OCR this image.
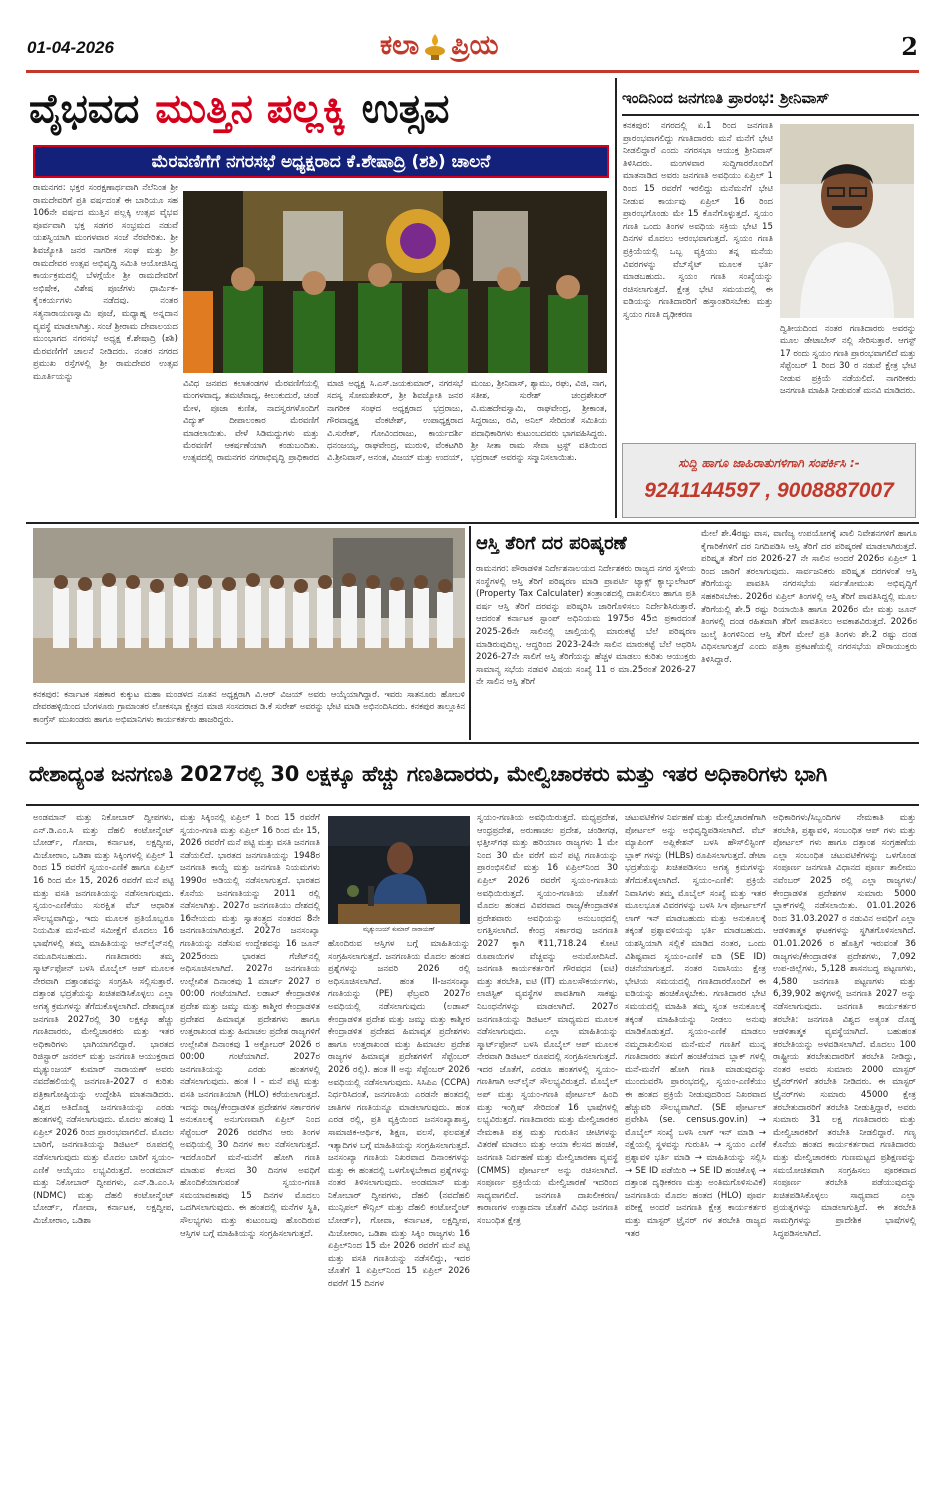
01-04-2026	ಕಲಾ ಪ್ರಿಯ	2
ವೈಭವದ ಮುತ್ತಿನ ಪಲ್ಲಕ್ಕಿ ಉತ್ಸವ
ಮೆರವಣಿಗೆಗೆ ನಗರಸಭೆ ಅಧ್ಯಕ್ಷರಾದ ಕೆ.ಶೇಷಾದ್ರಿ (ಶಶಿ) ಚಾಲನೆ
ರಾಮನಗರ: ಭಕ್ತರ ಸಂರಕ್ಷಣಾರ್ಥವಾಗಿ ನೆಲೆನಿಂತ ಶ್ರೀ ರಾಮದೇವರಿಗೆ ಪ್ರತಿ ವರ್ಷದಂತೆ ಈ ಬಾರಿಯೂ ಸಹ 106ನೇ ವರ್ಷದ ಮುತ್ತಿನ ಪಲ್ಲಕ್ಕಿ ಉತ್ಸವ ವೈಭವ ಪೂರ್ವವಾಗಿ ಭಕ್ತ ಸಡಗರ ಸಂಭ್ರಮದ ನಡುವೆ ಯಶಸ್ವಿಯಾಗಿ ಮಂಗಳವಾರ ಸಂಜೆ ನೆರವೇರಿತು. ಶ್ರೀ ಶಿವಜ್ಯೋತಿ ಜನರ ನಾಗರೀಕ ಸಂಘ ಮತ್ತು ಶ್ರೀ ರಾಮದೇವರ ಉತ್ಸವ ಅಭಿವೃದ್ಧಿ ಸಮಿತಿ ಆಯೋಜಿಸಿದ್ದ ಕಾರ್ಯಕ್ರಮದಲ್ಲಿ ಬೆಳಗ್ಗೆಯೇ ಶ್ರೀ ರಾಮದೇವರಿಗೆ ಅಭಿಷೇಕ, ವಿಶೇಷ ಪೂಜೆಗಳು ಧಾರ್ಮಿಕ-ಕೈಂಕರ್ಯಗಳು ನಡೆದವು. ನಂತರ ಸತ್ಯನಾರಾಯಣಸ್ವಾಮಿ ಪೂಜೆ, ಮಧ್ಯಾಹ್ನ ಅನ್ನದಾನ ವ್ಯವಸ್ಥೆ ಮಾಡಲಾಗಿತ್ತು. ಸಂಜೆ ಶ್ರೀರಾಮ ದೇವಾಲಯದ ಮುಂಭಾಗದ ನಗರಸಭೆ ಅಧ್ಯಕ್ಷ ಕೆ.ಶೇಷಾದ್ರಿ (ಶಶಿ) ಮೆರವಣಿಗೆಗೆ ಚಾಲನೆ ನೀಡಿದರು. ನಂತರ ನಗರದ ಪ್ರಮುಖ ರಸ್ತೆಗಳಲ್ಲಿ ಶ್ರೀ ರಾಮದೇವರ ಉತ್ಸವ ಮೂರ್ತಿಯನ್ನು
ವಿವಿಧ ಜನಪದ ಕಲಾತಂಡಗಳ ಮೆರವಣಿಗೆಯಲ್ಲಿ ಮಂಗಳವಾದ್ಯ, ತಮಟೆವಾದ್ಯ, ಕೀಲುಕುದುರೆ, ಚಂಡೆ ಮೇಳ, ಪೂಜಾ ಕುಣಿತ, ನಾದಸ್ವರಗಳೊಂದಿಗೆ ವಿದ್ಯುತ್ ದೀಪಾಲಂಕಾರ ಮೆರವಣಿಗೆ ಮಾಡಲಾಯಿತು. ವೇಳೆ ಸಿಡಿಮದ್ದುಗಳು ಮತ್ತು ಮೆರವಣಿಗೆ ಆಕರ್ಷಣೆಯಾಗಿ ಕಂಡುಬಂದಿತು. ಉತ್ಸವದಲ್ಲಿ ರಾಮನಗರ ನಗರಾಭಿವೃದ್ಧಿ ಪ್ರಾಧಿಕಾರದ ಮಾಜಿ ಅಧ್ಯಕ್ಷ ಸಿ.ಎಸ್.ಜಯಕುಮಾರ್, ನಗರಸಭೆ ಸದಸ್ಯ ಸೋಮಶೇಖರ್, ಶ್ರೀ ಶಿವಜ್ಯೋತಿ ಜನರ ನಾಗರೀಕ ಸಂಘದ ಅಧ್ಯಕ್ಷರಾದ ಭದ್ರರಾಜು, ಗೌರವಾಧ್ಯಕ್ಷ ವೆಂಕಟೇಶ್, ಉಪಾಧ್ಯಕ್ಷರಾದ ವಿ.ಸುರೇಶ್, ಗೋವಿಂದರಾಜು, ಕಾರ್ಯದರ್ಶಿ ಧನಂಜಯ್ಯ, ರಾಘವೇಂದ್ರ, ಮುರುಳಿ, ವೆಂಕಟಗಿರಿ ವಿ.ಶ್ರೀನಿವಾಸ್, ಅನಂತ, ವಿಜಯ್ ಮತ್ತು ಉದಯ್, ಮಂಜು, ಶ್ರೀನಿವಾಸ್, ಶ್ಯಾಮು, ರಘು, ವಿಜಿ, ನಾಗ, ಸತೀಶ, ಸುರೇಶ್ ಚಂದ್ರಶೇಖರ್ ವಿ.ಮಹದೇವಸ್ವಾಮಿ, ರಾಘವೇಂದ್ರ, ಶ್ರೀಕಾಂತ, ಸಿದ್ದರಾಜು, ರವಿ, ಅನಿಲ್ ಸೇರಿದಂತೆ ಸಮಿತಿಯ ಪದಾಧಿಕಾರಿಗಳು ಕುಟುಂಬದವರು ಭಾಗವಹಿಸಿದ್ದರು. ಶ್ರೀ ಸೀತಾ ರಾಮ ಸೇವಾ ಟ್ರಸ್ಟ್ ವತಿಯಿಂದ ಭದ್ರರಾಜ್ ಅವರನ್ನು ಸನ್ಮಾನಿಸಲಾಯಿತು.
ಇಂದಿನಿಂದ ಜನಗಣತಿ ಪ್ರಾರಂಭ: ಶ್ರೀನಿವಾಸ್
ಕನಕಪುರ: ನಗರದಲ್ಲಿ ಏ.1 ರಿಂದ ಜನಗಣತಿ ಪ್ರಾರಂಭವಾಗಲಿದ್ದು ಗಣತಿದಾರರು ಮನೆ ಮನೆಗೆ ಭೇಟಿ ನೀಡಲಿದ್ದಾರೆ ಎಂದು ನಗರಸಭಾ ಆಯುಕ್ತ ಶ್ರೀನಿವಾಸ್ ತಿಳಿಸಿದರು. ಮಂಗಳವಾರ ಸುದ್ದಿಗಾರರೊಂದಿಗೆ ಮಾತನಾಡಿದ ಅವರು ಜನಗಣತಿ ಅವಧಿಯು ಏಪ್ರಿಲ್ 1 ರಿಂದ 15 ರವರೆಗೆ ಇರಲಿದ್ದು ಮನೆಮನೆಗೆ ಭೇಟಿ ನೀಡುವ ಕಾರ್ಯವು ಏಪ್ರಿಲ್ 16 ರಿಂದ ಪ್ರಾರಂಭಗೊಂಡು ಮೇ 15 ಕೊನೆಗೊಳ್ಳುತ್ತದೆ. ಸ್ವಯಂ ಗಣತಿ ಒಂದು ತಿಂಗಳ ಅವಧಿಯ ಸಕ್ರಿಯ ಭೇಟಿ 15 ದಿನಗಳ ಮೊದಲು ಆರಂಭವಾಗುತ್ತದೆ. ಸ್ವಯಂ ಗಣತಿ ಪ್ರಕ್ರಿಯೆಯಲ್ಲಿ ಒಬ್ಬ ವ್ಯಕ್ತಿಯು ತನ್ನ ಮನೆಯ ವಿವರಗಳನ್ನು ವೆಬ್‌ಸೈಟ್ ಮೂಲಕ ಭರ್ತಿ ಮಾಡಬಹುದು. ಸ್ವಯಂ ಗಣತಿ ಸಂಖ್ಯೆಯನ್ನು ರಚಿಸಲಾಗುತ್ತದೆ. ಕ್ಷೇತ್ರ ಭೇಟಿ ಸಮಯದಲ್ಲಿ ಈ ಐಡಿಯನ್ನು ಗಣತಿದಾರರಿಗೆ ಹಸ್ತಾಂತರಿಸಬೇಕು ಮತ್ತು ಸ್ವಯಂ ಗಣತಿ ದೃಢೀಕರಣ
ದ್ವಿತೀಯದಿಂದ ನಂತರ ಗಣತಿದಾರರು ಅವರನ್ನು ಮೂಲ ಡೇಟಾಬೇಸ್ ನಲ್ಲಿ ಸೇರಿಸುತ್ತಾರೆ. ಆಗಸ್ಟ್ 17 ರಂದು ಸ್ವಯಂ ಗಣತಿ ಪ್ರಾರಂಭವಾಗಲಿದೆ ಮತ್ತು ಸೆಪ್ಟೆಂಬರ್ 1 ರಿಂದ 30 ರ ನಡುವೆ ಕ್ಷೇತ್ರ ಭೇಟಿ ನೀಡುವ ಪ್ರಕ್ರಿಯೆ ನಡೆಯಲಿದೆ. ನಾಗರೀಕರು ಜನಗಣತಿ ಮಾಹಿತಿ ನೀಡುವಂತೆ ಮನವಿ ಮಾಡಿದರು.
ಸುದ್ದಿ ಹಾಗೂ ಜಾಹಿರಾತುಗಳಿಗಾಗಿ ಸಂಪರ್ಕಿಸಿ :-
9241144597 , 9008887007
ಕನಕಪುರ: ಕರ್ನಾಟಕ ಸಹಕಾರ ಕುಕ್ಕುಟ ಮಹಾ ಮಂಡಳದ ನೂತನ ಅಧ್ಯಕ್ಷರಾಗಿ ವಿ.ಆರ್ ವಿಜಯ್ ಅವರು ಆಯ್ಕೆಯಾಗಿದ್ದಾರೆ. ಇವರು ಸಾತನೂರು ಹೋಬಳಿ ದೇವರಹಳ್ಳಿಯಿಂದ ಬೆಂಗಳೂರು ಗ್ರಾಮಾಂತರ ಲೋಕಸಭಾ ಕ್ಷೇತ್ರದ ಮಾಜಿ ಸಂಸದರಾದ ಡಿ.ಕೆ ಸುರೇಶ್ ಅವರನ್ನು ಭೇಟಿ ಮಾಡಿ ಅಭಿನಂದಿಸಿದರು. ಕನಕಪುರ ತಾಲ್ಲೂಕಿನ ಕಾಂಗ್ರೆಸ್ ಮುಖಂಡರು ಹಾಗೂ ಅಭಿಮಾನಿಗಳು ಕಾರ್ಯಕರ್ತರು ಹಾಜರಿದ್ದರು.
ಆಸ್ತಿ ತೆರಿಗೆ ದರ ಪರಿಷ್ಕರಣೆ
ರಾಮನಗರ: ಪೌರಾಡಳಿತ ನಿರ್ದೇಶನಾಲಯದ ನಿರ್ದೇಶಕರು ರಾಜ್ಯದ ನಗರ ಸ್ಥಳೀಯ ಸಂಸ್ಥೆಗಳಲ್ಲಿ ಆಸ್ತಿ ತೆರಿಗೆ ಪರಿಷ್ಕರಣ ಮಾಡಿ ಪ್ರಾಪರ್ಟಿ ಟ್ಯಾಕ್ಸ್ ಕ್ಯಾಲ್ಕುಲೇಟರ್ (Property Tax Calculater) ತಂತ್ರಾಂಶದಲ್ಲಿ ದಾಖಲಿಸಲು ಹಾಗೂ ಪ್ರತಿ ವರ್ಷ ಆಸ್ತಿ ತೆರಿಗೆ ದರವನ್ನು ಪರಿಷ್ಕರಿಸಿ ಜಾರಿಗೊಳಿಸಲು ನಿರ್ದೇಶಿಸಿರುತ್ತಾರೆ. ಆದರಂತೆ ಕರ್ನಾಟಕ ಸ್ಟಾಂಪ್ ಅಧಿನಿಯಮ 1975ರ 45ಬಿ ಪ್ರಕಾರದಂತೆ 2025-26ನೇ ಸಾಲಿನಲ್ಲಿ ಚಾಲ್ತಿಯಲ್ಲಿ ಮಾರುಕಟ್ಟೆ ಬೆಲೆ ಪರಿಷ್ಕರಣ ಮಾಡಿರುವುದಿಲ್ಲ. ಆದ್ದರಿಂದ 2023-24ನೇ ಸಾಲಿನ ಮಾರುಕಟ್ಟೆ ಬೆಲೆ ಆಧರಿಸಿ 2026-27ನೇ ಸಾಲಿಗೆ ಆಸ್ತಿ ತೆರಿಗೆಯನ್ನು ಹೆಚ್ಚಳ ಮಾಡಲು ಕುರಿತು ಆಯುಕ್ತರು ಸಾಮಾನ್ಯ ಸಭೆಯ ನಡವಳಿ ವಿಷಯ ಸಂಖ್ಯೆ 11 ರ ಮಾ.25ರಂತೆ 2026-27 ನೇ ಸಾಲಿನ ಆಸ್ತಿ ತೆರಿಗೆ
ಮೇಲೆ ಶೇ.4ರಷ್ಟು ವಾಸ, ವಾಣಿಜ್ಯ ಉಪಯೋಗಕ್ಕೆ ಖಾಲಿ ನಿವೇಶನಗಳಿಗೆ ಹಾಗೂ ಕೈಗಾರಿಕೆಗಳಿಗೆ ದರ ನಿಗದಿಪಡಿಸಿ ಆಸ್ತಿ ತೆರಿಗೆ ದರ ಪರಿಷ್ಕರಣೆ ಮಾಡಲಾಗಿರುತ್ತದೆ. ಪರಿಷ್ಕೃತ ತೆರಿಗೆ ದರ 2026-27 ನೇ ಸಾಲಿನ ಅಂದರೆ 2026ರ ಏಪ್ರಿಲ್ 1 ರಿಂದ ಜಾರಿಗೆ ತರಲಾಗುವುದು. ಸಾರ್ವಜನಿಕರು ಪರಿಷ್ಕೃತ ದರಗಳಂತೆ ಆಸ್ತಿ ತೆರಿಗೆಯನ್ನು ಪಾವತಿಸಿ ನಗರಸಭೆಯ ಸರ್ವತೋಮುಖ ಅಭಿವೃದ್ಧಿಗೆ ಸಹಕರಿಸಬೇಕು. 2026ರ ಏಪ್ರಿಲ್ ತಿಂಗಳಲ್ಲಿ ಆಸ್ತಿ ತೆರಿಗೆ ಪಾವತಿಸಿದ್ದಲ್ಲಿ ಮೂಲ ತೆರಿಗೆಯಲ್ಲಿ ಶೇ.5 ರಷ್ಟು ರಿಯಾಯಿತಿ ಹಾಗೂ 2026ರ ಮೇ ಮತ್ತು ಜೂನ್ ತಿಂಗಳಲ್ಲಿ ದಂಡ ರಹಿತವಾಗಿ ತೆರಿಗೆ ಪಾವತಿಸಲು ಅವಕಾಶವಿರುತ್ತದೆ. 2026ರ ಜುಲೈ ತಿಂಗಳಿನಿಂದ ಆಸ್ತಿ ತೆರಿಗೆ ಮೇಲೆ ಪ್ರತಿ ತಿಂಗಳು ಶೇ.2 ರಷ್ಟು ದಂಡ ವಿಧಿಸಲಾಗುತ್ತದೆ ಎಂದು ಪತ್ರಿಕಾ ಪ್ರಕಟಣೆಯಲ್ಲಿ ನಗರಸಭೆಯ ಪೌರಾಯುಕ್ತರು ತಿಳಿಸಿದ್ದಾರೆ.
ದೇಶಾದ್ಯಂತ ಜನಗಣತಿ 2027ರಲ್ಲಿ 30 ಲಕ್ಷಕ್ಕೂ ಹೆಚ್ಚು ಗಣತಿದಾರರು, ಮೇಲ್ವಿಚಾರಕರು ಮತ್ತು ಇತರ ಅಧಿಕಾರಿಗಳು ಭಾಗಿ
ಅಂಡಮಾನ್ ಮತ್ತು ನಿಕೋಬಾರ್ ದ್ವೀಪಗಳು, ಎನ್.ಡಿ.ಎಂ.ಸಿ ಮತ್ತು ದೆಹಲಿ ಕಂಟೋನ್ಮೆಂಟ್ ಬೋರ್ಡ್, ಗೋವಾ, ಕರ್ನಾಟಕ, ಲಕ್ಷದ್ವೀಪ, ಮಿಜೋರಾಂ, ಒಡಿಶಾ ಮತ್ತು ಸಿಕ್ಕಿಂಗಳಲ್ಲಿ ಏಪ್ರಿಲ್ 1 ರಿಂದ 15 ರವರೆಗೆ ಸ್ವಯಂ-ಎಣಿಕೆ ಹಾಗೂ ಏಪ್ರಿಲ್ 16 ರಿಂದ ಮೇ 15, 2026 ರವರೆಗೆ ಮನೆ ಪಟ್ಟಿ ಮತ್ತು ವಸತಿ ಜನಗಣತಿಯನ್ನು ನಡೆಸಲಾಗುವುದು. ಸ್ವಯಂ-ಎಣಿಕೆಯು ಸುರಕ್ಷಿತ ವೆಬ್ ಆಧಾರಿತ ಸೌಲಭ್ಯವಾಗಿದ್ದು, ಇದು ಮೂಲಕ ಪ್ರತಿಯೊಬ್ಬರೂ ನಿಯಮಿತ ಮನೆ-ಮನೆ ಸಮೀಕ್ಷೆಗೆ ಮೊದಲು 16 ಭಾಷೆಗಳಲ್ಲಿ ತಮ್ಮ ಮಾಹಿತಿಯನ್ನು ಆನ್‌ಲೈನ್‌ನಲ್ಲಿ ನಮೂದಿಸಬಹುದು. ಗಣತಿದಾರರು ತಮ್ಮ ಸ್ಮಾರ್ಟ್‌ಫೋನ್ ಬಳಸಿ ಮೊಬೈಲ್ ಆಪ್ ಮೂಲಕ ನೇರವಾಗಿ ದತ್ತಾಂಶವನ್ನು ಸಂಗ್ರಹಿಸಿ ಸಲ್ಲಿಸುತ್ತಾರೆ. ದತ್ತಾಂಶ ಭದ್ರತೆಯನ್ನು ಖಚಿತಪಡಿಸಿಕೊಳ್ಳಲು ಎಲ್ಲಾ ಅಗತ್ಯ ಕ್ರಮಗಳನ್ನು ತೆಗೆದುಕೊಳ್ಳಲಾಗಿದೆ. ದೇಶಾದ್ಯಂತ ಜನಗಣತಿ 2027ರಲ್ಲಿ 30 ಲಕ್ಷಕ್ಕೂ ಹೆಚ್ಚು ಗಣತಿದಾರರು, ಮೇಲ್ವಿಚಾರಕರು ಮತ್ತು ಇತರ ಅಧಿಕಾರಿಗಳು ಭಾಗಿಯಾಗಲಿದ್ದಾರೆ. ಭಾರತದ ರಿಜಿಸ್ಟ್ರಾರ್ ಜನರಲ್ ಮತ್ತು ಜನಗಣತಿ ಆಯುಕ್ತರಾದ ಮೃತ್ಯುಂಜಯ್ ಕುಮಾರ್ ನಾರಾಯಣ್ ಅವರು ನವದೆಹಲಿಯಲ್ಲಿ ಜನಗಣತಿ-2027 ರ ಕುರಿತು ಪತ್ರಿಕಾಗೋಷ್ಠಿಯನ್ನು ಉದ್ದೇಶಿಸಿ ಮಾತನಾಡಿದರು. ವಿಶ್ವದ ಅತಿದೊಡ್ಡ ಜನಗಣತಿಯನ್ನು ಎರಡು ಹಂತಗಳಲ್ಲಿ ನಡೆಸಲಾಗುವುದು. ಮೊದಲ ಹಂತವು 1 ಏಪ್ರಿಲ್ 2026 ರಿಂದ ಪ್ರಾರಂಭವಾಗಲಿದೆ. ಮೊದಲ ಬಾರಿಗೆ, ಜನಗಣತಿಯನ್ನು ಡಿಜಿಟಲ್ ರೂಪದಲ್ಲಿ ನಡೆಸಲಾಗುವುದು ಮತ್ತು ಮೊದಲ ಬಾರಿಗೆ ಸ್ವಯಂ-ಎಣಿಕೆ ಆಯ್ಕೆಯು ಲಭ್ಯವಿರುತ್ತದೆ. ಅಂಡಮಾನ್ ಮತ್ತು ನಿಕೋಬಾರ್ ದ್ವೀಪಗಳು, ಎನ್.ಡಿ.ಎಂ.ಸಿ (NDMC) ಮತ್ತು ದೆಹಲಿ ಕಂಟೋನ್ಮೆಂಟ್ ಬೋರ್ಡ್, ಗೋವಾ, ಕರ್ನಾಟಕ, ಲಕ್ಷದ್ವೀಪ, ಮಿಜೋರಾಂ, ಒಡಿಶಾ
ಮತ್ತು ಸಿಕ್ಕಿಂನಲ್ಲಿ ಏಪ್ರಿಲ್ 1 ರಿಂದ 15 ರವರೆಗೆ ಸ್ವಯಂ-ಗಣತಿ ಮತ್ತು ಏಪ್ರಿಲ್ 16 ರಿಂದ ಮೇ 15, 2026 ರವರೆಗೆ ಮನೆ ಪಟ್ಟಿ ಮತ್ತು ವಸತಿ ಜನಗಣತಿ ನಡೆಯಲಿದೆ. ಭಾರತದ ಜನಗಣತಿಯನ್ನು 1948ರ ಜನಗಣತಿ ಕಾಯ್ದೆ ಮತ್ತು ಜನಗಣತಿ ನಿಯಮಗಳು 1990ರ ಅಡಿಯಲ್ಲಿ ನಡೆಸಲಾಗುತ್ತದೆ. ಭಾರತದ ಕೊನೆಯ ಜನಗಣತಿಯನ್ನು 2011 ರಲ್ಲಿ ನಡೆಸಲಾಗಿತ್ತು. 2027ರ ಜನಗಣತಿಯು ದೇಶದಲ್ಲಿ 16ನೇಯದು ಮತ್ತು ಸ್ವಾತಂತ್ರ್ಯದ ನಂತರದ 8ನೇ ಜನಗಣತಿಯಾಗಿರುತ್ತದೆ. 2027ರ ಜನಸಂಖ್ಯಾ ಗಣತಿಯನ್ನು ನಡೆಸುವ ಉದ್ದೇಶವನ್ನು 16 ಜೂನ್ 2025ರಂದು ಭಾರತದ ಗೆಜೆಟ್‌ನಲ್ಲಿ ಅಧಿಸೂಚಿಸಲಾಗಿದೆ. 2027ರ ಜನಗಣತಿಯ ಉಲ್ಲೇಖಿತ ದಿನಾಂಕವು 1 ಮಾರ್ಚ್ 2027 ರ 00:00 ಗಂಟೆಯಾಗಿದೆ. ಲಡಾಖ್ ಕೇಂದ್ರಾಡಳಿತ ಪ್ರದೇಶ ಮತ್ತು ಜಮ್ಮು ಮತ್ತು ಕಾಶ್ಮೀರ ಕೇಂದ್ರಾಡಳಿತ ಪ್ರದೇಶದ ಹಿಮಾವೃತ ಪ್ರದೇಶಗಳು ಹಾಗೂ ಉತ್ತರಾಖಂಡ ಮತ್ತು ಹಿಮಾಚಲ ಪ್ರದೇಶ ರಾಜ್ಯಗಳಿಗೆ ಉಲ್ಲೇಖಿತ ದಿನಾಂಕವು 1 ಅಕ್ಟೋಬರ್ 2026 ರ 00:00 ಗಂಟೆಯಾಗಿದೆ. 2027ರ ಜನಗಣತಿಯನ್ನು ಎರಡು ಹಂತಗಳಲ್ಲಿ ನಡೆಸಲಾಗುವುದು. ಹಂತ I - ಮನೆ ಪಟ್ಟಿ ಮತ್ತು ವಸತಿ ಜನಗಣತಿಯಾಗಿ (HLO) ಕರೆಯಲಾಗುತ್ತದೆ. ಇದನ್ನು ರಾಜ್ಯ/ಕೇಂದ್ರಾಡಳಿತ ಪ್ರದೇಶಗಳ ಸರ್ಕಾರಗಳ ಅನುಕೂಲಕ್ಕೆ ಅನುಗುಣವಾಗಿ ಏಪ್ರಿಲ್ ನಿಂದ ಸೆಪ್ಟೆಂಬರ್ 2026 ರವರೆಗಿನ ಆರು ತಿಂಗಳ ಅವಧಿಯಲ್ಲಿ 30 ದಿನಗಳ ಕಾಲ ನಡೆಸಲಾಗುತ್ತದೆ. ಇದರೊಂದಿಗೆ ಮನೆ-ಮನೆಗೆ ಹೋಗಿ ಗಣತಿ ಮಾಡುವ ಕೆಲಸದ 30 ದಿನಗಳ ಅವಧಿಗೆ ಹೊಂದಿಕೆಯಾಗುವಂತೆ ಸ್ವಯಂ-ಗಣತಿ ಸಮಯಾವಕಾಶವು 15 ದಿನಗಳ ಮೊದಲು ಒದಗಿಸಲಾಗುವುದು. ಈ ಹಂತದಲ್ಲಿ ಮನೆಗಳ ಸ್ಥಿತಿ, ಸೌಲಭ್ಯಗಳು ಮತ್ತು ಕುಟುಂಬವು ಹೊಂದಿರುವ ಆಸ್ತಿಗಳ ಬಗ್ಗೆ ಮಾಹಿತಿಯನ್ನು ಸಂಗ್ರಹಿಸಲಾಗುತ್ತದೆ.
ಮೃತ್ಯುಂಜಯ್ ಕುಮಾರ್ ನಾರಾಯಣ್
ಹೊಂದಿರುವ ಆಸ್ತಿಗಳ ಬಗ್ಗೆ ಮಾಹಿತಿಯನ್ನು ಸಂಗ್ರಹಿಸಲಾಗುತ್ತದೆ. ಜನಗಣತಿಯ ಮೊದಲ ಹಂತದ ಪ್ರಶ್ನೆಗಳನ್ನು ಜನವರಿ 2026 ರಲ್ಲಿ ಅಧಿಸೂಚಿಸಲಾಗಿದೆ. ಹಂತ II-ಜನಸಂಖ್ಯಾ ಗಣತಿಯನ್ನು (PE) ಫೆಬ್ರವರಿ 2027ರ ಅವಧಿಯಲ್ಲಿ ನಡೆಸಲಾಗುವುದು (ಲಡಾಖ್ ಕೇಂದ್ರಾಡಳಿತ ಪ್ರದೇಶ ಮತ್ತು ಜಮ್ಮು ಮತ್ತು ಕಾಶ್ಮೀರ ಕೇಂದ್ರಾಡಳಿತ ಪ್ರದೇಶದ ಹಿಮಾವೃತ ಪ್ರದೇಶಗಳು ಹಾಗೂ ಉತ್ತರಾಖಂಡ ಮತ್ತು ಹಿಮಾಚಲ ಪ್ರದೇಶ ರಾಜ್ಯಗಳ ಹಿಮಾವೃತ ಪ್ರದೇಶಗಳಿಗೆ ಸೆಪ್ಟೆಂಬರ್ 2026 ರಲ್ಲಿ). ಹಂತ II ಅನ್ನು ಸೆಪ್ಟೆಂಬರ್ 2026 ಅವಧಿಯಲ್ಲಿ ನಡೆಸಲಾಗುವುದು. ಸಿಸಿಪಿಎ (CCPA) ನಿರ್ಧರಿಸಿದಂತೆ, ಜನಗಣತಿಯ ಎರಡನೇ ಹಂತದಲ್ಲಿ ಜಾತಿಗಳ ಗಣತಿಯನ್ನೂ ಮಾಡಲಾಗುವುದು. ಹಂತ ಎರಡ ರಲ್ಲಿ, ಪ್ರತಿ ವ್ಯಕ್ತಿಯಿಂದ ಜನಸಂಖ್ಯಾಶಾಸ್ತ್ರ, ಸಾಮಾಜಿಕ-ಆರ್ಥಿಕ, ಶಿಕ್ಷಣ, ವಲಸೆ, ಫಲವತ್ತತೆ ಇತ್ಯಾದಿಗಳ ಬಗ್ಗೆ ಮಾಹಿತಿಯನ್ನು ಸಂಗ್ರಹಿಸಲಾಗುತ್ತದೆ. ಜನಸಂಖ್ಯಾ ಗಣತಿಯ ನಿಖರವಾದ ದಿನಾಂಕಗಳನ್ನು ಮತ್ತು ಈ ಹಂತದಲ್ಲಿ ಒಳಗೊಳ್ಳಬೇಕಾದ ಪ್ರಶ್ನೆಗಳನ್ನು ನಂತರ ತಿಳಿಸಲಾಗುವುದು. ಅಂಡಮಾನ್ ಮತ್ತು ನಿಕೋಬಾರ್ ದ್ವೀಪಗಳು, ದೆಹಲಿ (ನವದೆಹಲಿ ಮುನ್ಸಿಪಲ್ ಕೌನ್ಸಿಲ್ ಮತ್ತು ದೆಹಲಿ ಕಂಟೋನ್ಮೆಂಟ್ ಬೋರ್ಡ್), ಗೋವಾ, ಕರ್ನಾಟಕ, ಲಕ್ಷದ್ವೀಪ, ಮಿಜೋರಾಂ, ಒಡಿಶಾ ಮತ್ತು ಸಿಕ್ಕಿಂ ರಾಜ್ಯಗಳು 16 ಏಪ್ರಿಲ್‌ನಿಂದ 15 ಮೇ 2026 ರವರೆಗೆ ಮನೆ ಪಟ್ಟಿ ಮತ್ತು ವಸತಿ ಗಣತಿಯನ್ನು ನಡೆಸಲಿದ್ದು, ಇದರ ಜೊತೆಗೆ 1 ಏಪ್ರಿಲ್‌ನಿಂದ 15 ಏಪ್ರಿಲ್ 2026 ರವರೆಗೆ 15 ದಿನಗಳ
ಸ್ವಯಂ-ಗಣತಿಯ ಅವಧಿಯಿರುತ್ತದೆ. ಮಧ್ಯಪ್ರದೇಶ, ಆಂಧ್ರಪ್ರದೇಶ, ಅರುಣಾಚಲ ಪ್ರದೇಶ, ಚಂಡೀಗಢ, ಛತ್ತೀಸ್‌ಗಢ ಮತ್ತು ಹರಿಯಾಣ ರಾಜ್ಯಗಳು 1 ಮೇ ನಿಂದ 30 ಮೇ ವರೆಗೆ ಮನೆ ಪಟ್ಟಿ ಗಣತಿಯನ್ನು ಪ್ರಾರಂಭಿಸಲಿವೆ ಮತ್ತು 16 ಏಪ್ರಿಲ್‌ನಿಂದ 30 ಏಪ್ರಿಲ್ 2026 ರವರೆಗೆ ಸ್ವಯಂ-ಗಣತಿಯ ಅವಧಿಯಿರುತ್ತದೆ. ಸ್ವಯಂ-ಗಣತಿಯ ಜೊತೆಗೆ ಮೊದಲ ಹಂತದ ವಿವರವಾದ ರಾಜ್ಯ/ಕೇಂದ್ರಾಡಳಿತ ಪ್ರದೇಶವಾರು ಅವಧಿಯನ್ನು ಅನುಬಂಧದಲ್ಲಿ ಲಗತ್ತಿಸಲಾಗಿದೆ. ಕೇಂದ್ರ ಸರ್ಕಾರವು ಜನಗಣತಿ 2027 ಕ್ಕಾಗಿ ₹11,718.24 ಕೋಟಿ ರೂಪಾಯಿಗಳ ವೆಚ್ಚವನ್ನು ಅನುಮೋದಿಸಿದೆ. ಜನಗಣತಿ ಕಾರ್ಯಕರ್ತರಿಗೆ ಗೌರವಧನ (ಐಟಿ) ಮತ್ತು ತರಬೇತಿ, ಐಟಿ (IT) ಮೂಲಸೌಕರ್ಯಗಳು, ಲಾಜಿಸ್ಟಿಕ್ ವ್ಯವಸ್ಥೆಗಳ ಪಾವತಿಗಾಗಿ ಸಾಕಷ್ಟು ನಿಬಂಧನೆಗಳನ್ನು ಮಾಡಲಾಗಿದೆ. 2027ರ ಜನಗಣತಿಯನ್ನು ಡಿಜಿಟಲ್ ಮಾಧ್ಯಮದ ಮೂಲಕ ನಡೆಸಲಾಗುವುದು. ಎಲ್ಲಾ ಮಾಹಿತಿಯನ್ನು ಸ್ಮಾರ್ಟ್‌ಫೋನ್ ಬಳಸಿ ಮೊಬೈಲ್ ಆಪ್ ಮೂಲಕ ನೇರವಾಗಿ ಡಿಜಿಟಲ್ ರೂಪದಲ್ಲಿ ಸಂಗ್ರಹಿಸಲಾಗುತ್ತದೆ. ಇದರ ಜೊತೆಗೆ, ಎರಡೂ ಹಂತಗಳಲ್ಲಿ ಸ್ವಯಂ-ಗಣತಿಗಾಗಿ ಆನ್‌ಲೈನ್ ಸೌಲಭ್ಯವಿರುತ್ತದೆ. ಮೊಬೈಲ್ ಅಪ್ ಮತ್ತು ಸ್ವಯಂ-ಗಣತಿ ಪೋರ್ಟಲ್ ಹಿಂದಿ ಮತ್ತು ಇಂಗ್ಲಿಷ್ ಸೇರಿದಂತೆ 16 ಭಾಷೆಗಳಲ್ಲಿ ಲಭ್ಯವಿರುತ್ತದೆ. ಗಣತಿದಾರರು ಮತ್ತು ಮೇಲ್ವಿಚಾರಕರ ನೇಮಕಾತಿ ಪತ್ರ ಮತ್ತು ಗುರುತಿನ ಚೀಟಿಗಳನ್ನು ವಿತರಣೆ ಮಾಡಲು ಮತ್ತು ಆಯಾ ಕೆಲಸದ ಹಂಚಿಕೆ, ಜನಗಣತಿ ನಿರ್ವಹಣೆ ಮತ್ತು ಮೇಲ್ವಿಚಾರಣಾ ವ್ಯವಸ್ಥೆ (CMMS) ಪೋರ್ಟಲ್ ಅನ್ನು ರಚಿಸಲಾಗಿದೆ. ಸಂಪೂರ್ಣ ಪ್ರಕ್ರಿಯೆಯ ಮೇಲ್ವಿಚಾರಣೆ ಇದರಿಂದ ಸಾಧ್ಯವಾಗಲಿದೆ. ಜನಗಣತಿ ದಾಖಲೀಕರಣ/ಕಾರಾಣಗಳ ಉತ್ಪಾದನಾ ಜೊತೆಗೆ ವಿವಿಧ ಜನಗಣತಿ ಸಂಬಂಧಿತ ಕ್ಷೇತ್ರ
ಚಟುವಟಿಕೆಗಳ ನಿರ್ವಹಣೆ ಮತ್ತು ಮೇಲ್ವಿಚಾರಣೆಗಾಗಿ ಪೋರ್ಟಲ್ ಅನ್ನು ಅಭಿವೃದ್ಧಿಪಡಿಸಲಾಗಿದೆ. ವೆಬ್ ಮ್ಯಾಪಿಂಗ್ ಅಪ್ಲಿಕೇಶನ್ ಬಳಸಿ ಹೌಸ್‌ಲಿಸ್ಟಿಂಗ್ ಬ್ಲಾಕ್ ಗಳನ್ನು (HLBs) ರೂಪಿಸಲಾಗುತ್ತದೆ. ಡೇಟಾ ಭದ್ರತೆಯನ್ನು ಖಚಿತಪಡಿಸಲು ಅಗತ್ಯ ಕ್ರಮಗಳನ್ನು ತೆಗೆದುಕೊಳ್ಳಲಾಗಿದೆ. ಸ್ವಯಂ-ಎಣಿಕೆ: ಪ್ರಕ್ರಿಯೆ ನಿವಾಸಿಗಳು ತಮ್ಮ ಮೊಬೈಲ್ ಸಂಖ್ಯೆ ಮತ್ತು ಇತರ ಮೂಲಭೂತ ವಿವರಗಳನ್ನು ಬಳಸಿ ಸಿಇ ಪೋರ್ಟಲ್‌ಗೆ ಲಾಗ್ ಇನ್ ಮಾಡಬಹುದು ಮತ್ತು ಅನುಕೂಲಕ್ಕೆ ತಕ್ಕಂತೆ ಪ್ರಶ್ನಾವಳಿಯನ್ನು ಭರ್ತಿ ಮಾಡಬಹುದು. ಯಶಸ್ವಿಯಾಗಿ ಸಲ್ಲಿಕೆ ಮಾಡಿದ ನಂತರ, ಒಂದು ವಿಶಿಷ್ಟವಾದ ಸ್ವಯಂ-ಎಣಿಕೆ ಐಡಿ (SE ID) ರಚನೆಯಾಗುತ್ತದೆ. ನಂತರ ನಿವಾಸಿಯು ಕ್ಷೇತ್ರ ಭೇಟಿಯ ಸಮಯದಲ್ಲಿ ಗಣತಿದಾರರೊಂದಿಗೆ ಈ ಐಡಿಯನ್ನು ಹಂಚಿಕೊಳ್ಳಬೇಕು. ಗಣತಿದಾರರ ಭೇಟಿ ಸಮಯದಲ್ಲಿ ಮಾಹಿತಿ ತಮ್ಮ ಸ್ವಂತ ಅನುಕೂಲಕ್ಕೆ ತಕ್ಕಂತೆ ಮಾಹಿತಿಯನ್ನು ನೀಡಲು ಅನುವು ಮಾಡಿಕೊಡುತ್ತದೆ. ಸ್ವಯಂ-ಎಣಿಕೆ ಮಾಡಲು ನಮ್ಮದಾಖಲಿಸುವ ಮನೆ-ಮನೆ ಗಣತಿಗೆ ಮುನ್ನ ಗಣತಿದಾರರು ತಮಗೆ ಹಂಚಿಕೆಯಾದ ಬ್ಲಾಕ್ ಗಳಲ್ಲಿ ಮನೆ-ಮನೆಗೆ ಹೋಗಿ ಗಣತಿ ಮಾಡುವುದನ್ನು ಮುಂದುವರೆಸಿ ಪ್ರಾರಂಭದಲ್ಲಿ, ಸ್ವಯಂ-ಎಣಿಕೆಯು ಈ ಹಂತದ ಪ್ರಕ್ರಿಯೆ ನೀಡುವುದರಿಂದ ನಿಖರವಾದ ಹೆಚ್ಚುವರಿ ಸೌಲಭ್ಯವಾಗಿದೆ. (SE ಪೋರ್ಟಲ್ ಪ್ರವೇಶಿಸಿ (se. census.gov.in) → ಮೊಬೈಲ್ ಸಂಖ್ಯೆ ಬಳಸಿ ಲಾಗ್ ಇನ್ ಮಾಡಿ → ನಕ್ಷೆಯಲ್ಲಿ ಸ್ಥಳವನ್ನು ಗುರುತಿಸಿ → ಸ್ವಯಂ ಎಣಿಕೆ ಪ್ರಶ್ನಾವಳಿ ಭರ್ತಿ ಮಾಡಿ → ಮಾಹಿತಿಯನ್ನು ಸಲ್ಲಿಸಿ → SE ID ಪಡೆಯಿರಿ → SE ID ಹಂಚಿಕೊಳ್ಳಿ → ದತ್ತಾಂಶ ದೃಢೀಕರಣ ಮತ್ತು ಅಂತಿಮಗೊಳಿಸುವಿಕೆ) ಜನಗಣತಿಯ ಮೊದಲ ಹಂತದ (HLO) ಪೂರ್ವ ಪರೀಕ್ಷೆ ಅಂದರೆ ಜನಗಣತಿ ಕ್ಷೇತ್ರ ಕಾರ್ಯಕರ್ತರ ಮತ್ತು ಮಾಸ್ಟರ್ ಟ್ರೈನರ್ ಗಳ ತರಬೇತಿ ರಾಜ್ಯದ ಇತರ
ಅಧಿಕಾರಿಗಳು/ಸಿಬ್ಬಂದಿಗಳ ನೇಮಕಾತಿ ಮತ್ತು ತರಬೇತಿ, ಪ್ರಶ್ನಾವಳಿ, ಸಂಬಂಧಿತ ಆಪ್ ಗಳು ಮತ್ತು ಪೋರ್ಟಲ್ ಗಳು ಹಾಗೂ ದತ್ತಾಂಶ ಸಂಗ್ರಹಣೆಯ ಎಲ್ಲಾ ಸಂಬಂಧಿತ ಚಟುವಟಿಕೆಗಳನ್ನು ಒಳಗೊಂಡ ಸಂಪೂರ್ಣ ಜನಗಣತಿ ವಿಧಾನದ ಪೂರ್ಣ ತಾಲೀಮು ನವೆಂಬರ್ 2025 ರಲ್ಲಿ ಎಲ್ಲಾ ರಾಜ್ಯಗಳು/ಕೇಂದ್ರಾಡಳಿತ ಪ್ರದೇಶಗಳ ಸುಮಾರು 5000 ಬ್ಲಾಕ್‌ಗಳಲ್ಲಿ ನಡೆಸಲಾಯಿತು. 01.01.2026 ರಿಂದ 31.03.2027 ರ ನಡುವಿನ ಅವಧಿಗೆ ಎಲ್ಲಾ ಆಡಳಿತಾತ್ಮಕ ಘಟಕಗಳನ್ನು ಸ್ಥಗಿತಗೊಳಿಸಲಾಗಿದೆ. 01.01.2026 ರ ಹೊತ್ತಿಗೆ ಇರುವಂತೆ 36 ರಾಜ್ಯಗಳು/ಕೇಂದ್ರಾಡಳಿತ ಪ್ರದೇಶಗಳು, 7,092 ಉಪ-ಜಿಲ್ಲೆಗಳು, 5,128 ಶಾಸನಬದ್ಧ ಪಟ್ಟಣಗಳು, 4,580 ಜನಗಣತಿ ಪಟ್ಟಣಗಳು ಮತ್ತು 6,39,902 ಹಳ್ಳಿಗಳಲ್ಲಿ ಜನಗಣತಿ 2027 ಅನ್ನು ನಡೆಸಲಾಗುವುದು. ಜನಗಣತಿ ಕಾರ್ಯಕರ್ತರ ತರಬೇತಿ: ಜನಗಣತಿ ವಿಶ್ವದ ಅತ್ಯಂತ ದೊಡ್ಡ ಆಡಳಿತಾತ್ಮಕ ವ್ಯವಸ್ಥೆಯಾಗಿದೆ. ಬಹುಹಂತ ತರಬೇತಿಯನ್ನು ಅಳವಡಿಸಲಾಗಿದೆ. ಮೊದಲು 100 ರಾಷ್ಟ್ರೀಯ ತರಬೇತುದಾರರಿಗೆ ತರಬೇತಿ ನೀಡಿದ್ದು, ನಂತರ ಅವರು ಸುಮಾರು 2000 ಮಾಸ್ಟರ್ ಟ್ರೈನರ್‌ಗಳಿಗೆ ತರಬೇತಿ ನೀಡಿದರು. ಈ ಮಾಸ್ಟರ್ ಟ್ರೈನರ್‌ಗಳು ಸುಮಾರು 45000 ಕ್ಷೇತ್ರ ತರಬೇತುದಾರರಿಗೆ ತರಬೇತಿ ನೀಡುತ್ತಿದ್ದಾರೆ, ಅವರು ಸುಮಾರು 31 ಲಕ್ಷ ಗಣತಿದಾರರು ಮತ್ತು ಮೇಲ್ವಿಚಾರಕರಿಗೆ ತರಬೇತಿ ನೀಡಲಿದ್ದಾರೆ. ಗಣ್ಯ ಕೊನೆಯ ಹಂತದ ಕಾರ್ಯಕರ್ತರಾದ ಗಣತಿದಾರರು ಮತ್ತು ಮೇಲ್ವಿಚಾರಕರು ಗುಣಮಟ್ಟದ ಪ್ರಶಿಕ್ಷಣವನ್ನು ಸಮಯೋಚಿತವಾಗಿ ಸಂಗ್ರಹಿಸಲು ಪೂರಕವಾದ ಸಂಪೂರ್ಣ ತರಬೇತಿ ಪಡೆಯುವುದನ್ನು ಖಚಿತಪಡಿಸಿಕೊಳ್ಳಲು ಸಾಧ್ಯವಾದ ಎಲ್ಲಾ ಪ್ರಯತ್ನಗಳನ್ನು ಮಾಡಲಾಗುತ್ತಿದೆ. ಈ ತರಬೇತಿ ಸಾಮಗ್ರಿಗಳನ್ನು ಪ್ರಾದೇಶಿಕ ಭಾಷೆಗಳಲ್ಲಿ ಸಿದ್ಧಪಡಿಸಲಾಗಿದೆ.
